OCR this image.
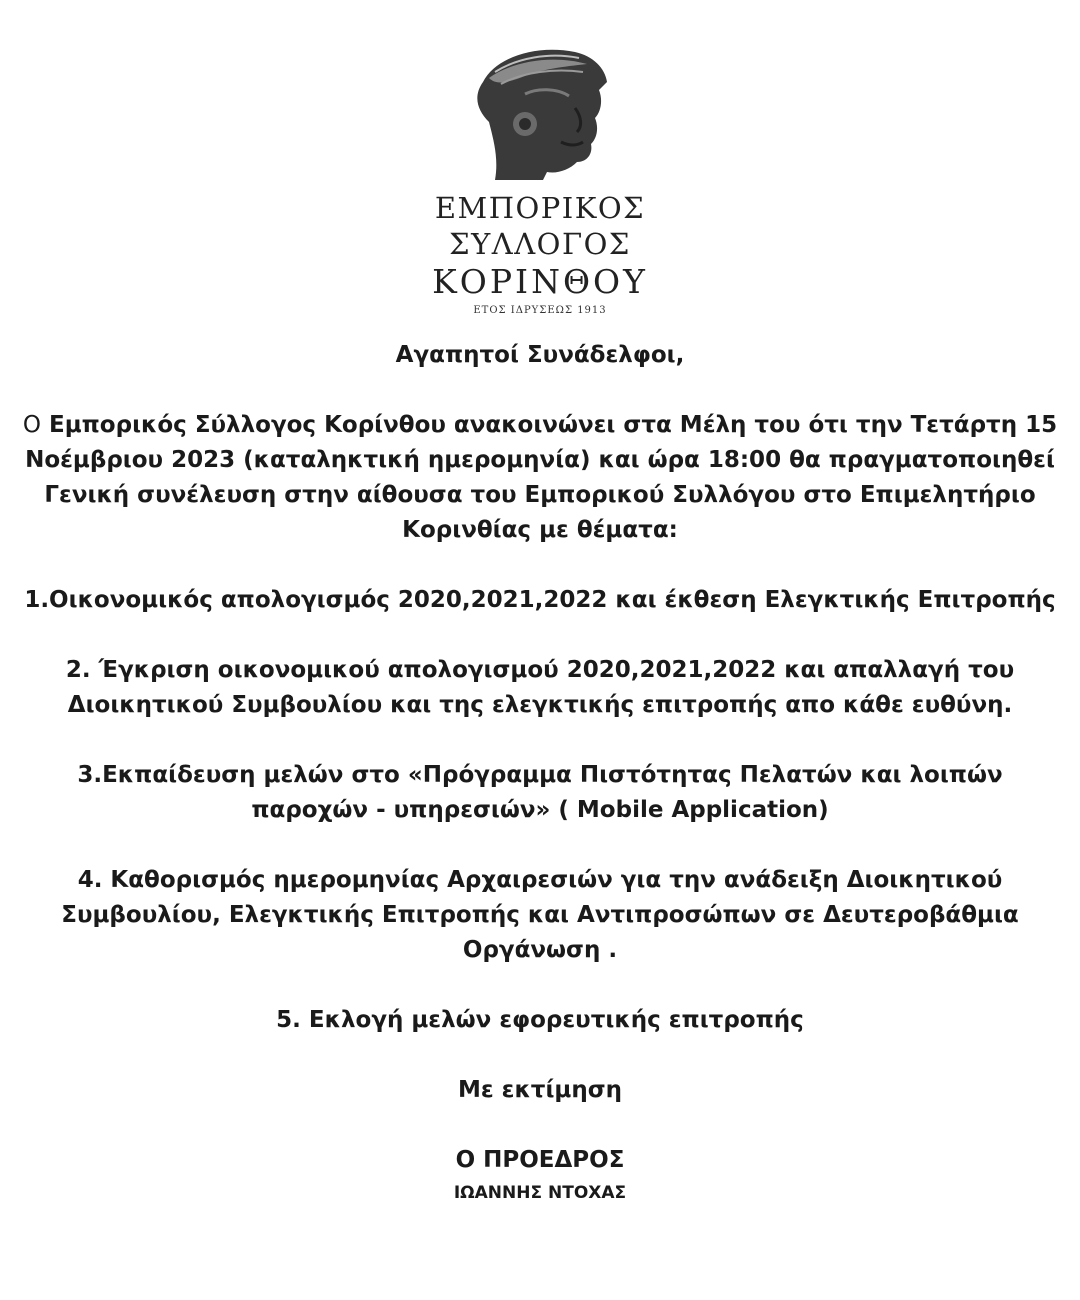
ΕΜΠΟΡΙΚΟΣ ΣΥΛΛΟΓΟΣ
ΚΟΡΙΝΘΟΥ
ΕΤΟΣ ΙΔΡΥΣΕΩΣ 1913

Αγαπητοί Συνάδελφοι,

Ο Εμπορικός Σύλλογος Κορίνθου ανακοινώνει στα Μέλη του ότι την Τετάρτη 15 Νοέμβριου 2023 (καταληκτική ημερομηνία) και ώρα 18:00 θα πραγματοποιηθεί Γενική συνέλευση στην αίθουσα του Εμπορικού Συλλόγου στο Επιμελητήριο Κορινθίας με θέματα:

1.Οικονομικός απολογισμός 2020,2021,2022 και έκθεση Ελεγκτικής Επιτροπής

2. Έγκριση οικονομικού απολογισμού 2020,2021,2022 και απαλλαγή του Διοικητικού Συμβουλίου και της ελεγκτικής επιτροπής απο κάθε ευθύνη.

3.Εκπαίδευση μελών στο «Πρόγραμμα Πιστότητας Πελατών και λοιπών παροχών - υπηρεσιών» ( Mobile Application)

4. Καθορισμός ημερομηνίας Αρχαιρεσιών για την ανάδειξη Διοικητικού Συμβουλίου, Ελεγκτικής Επιτροπής και Αντιπροσώπων σε Δευτεροβάθμια Οργάνωση .

5. Εκλογή μελών εφορευτικής επιτροπής

Με εκτίμηση

Ο ΠΡΟΕΔΡΟΣ

ΙΩΑΝΝΗΣ ΝΤΟΧΑΣ
